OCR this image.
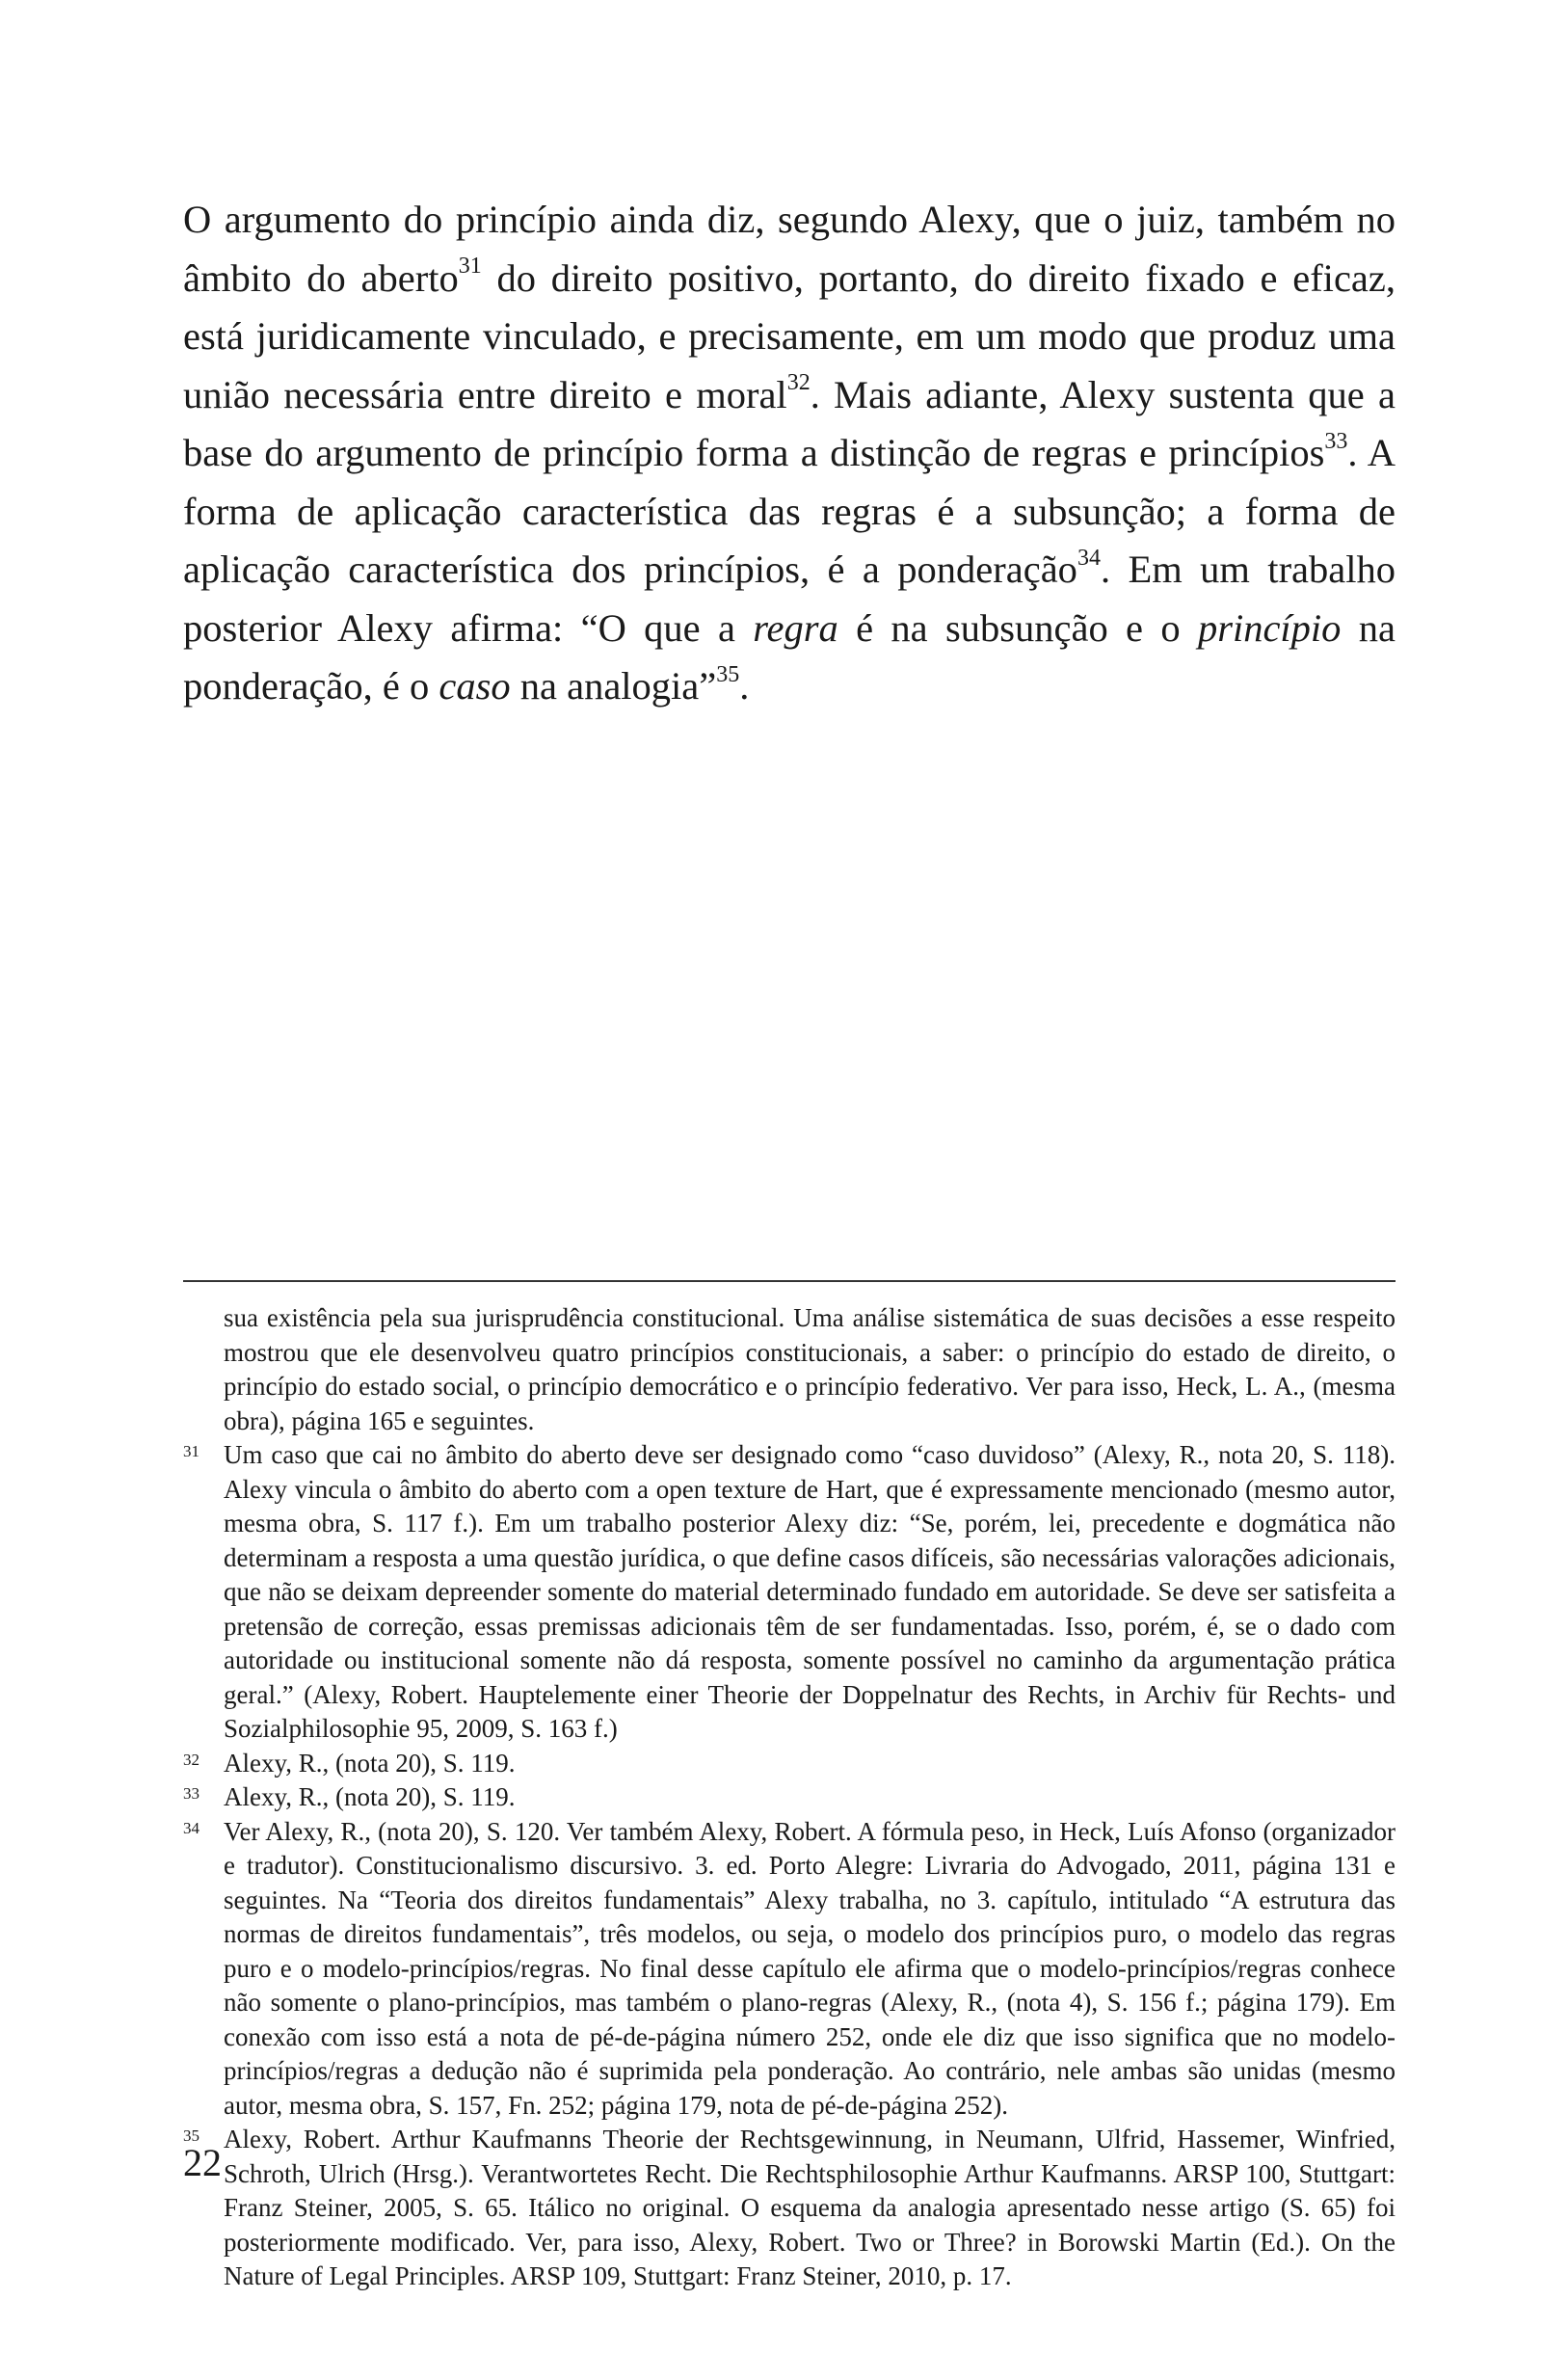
O argumento do princípio ainda diz, segundo Alexy, que o juiz, também no âmbito do aberto$^{31}$ do direito positivo, portanto, do direito fixado e eficaz, está juridicamente vinculado, e precisamente, em um modo que produz uma união necessária entre direito e moral$^{32}$. Mais adiante, Alexy sustenta que a base do argumento de princípio forma a distinção de regras e princípios$^{33}$. A forma de aplicação característica das regras é a subsunção; a forma de aplicação característica dos princípios, é a ponderação$^{34}$. Em um trabalho posterior Alexy afirma: “O que a regra é na subsunção e o princípio na ponderação, é o caso na analogia”$^{35}$.

sua existência pela sua jurisprudência constitucional. Uma análise sistemática de suas decisões a esse respeito mostrou que ele desenvolveu quatro princípios constitucionais, a saber: o princípio do estado de direito, o princípio do estado social, o princípio democrático e o princípio federativo. Ver para isso, Heck, L. A., (mesma obra), página 165 e seguintes.

31 Um caso que cai no âmbito do aberto deve ser designado como “caso duvidoso” (Alexy, R., nota 20, S. 118). Alexy vincula o âmbito do aberto com a open texture de Hart, que é expressamente mencionado (mesmo autor, mesma obra, S. 117 f.). Em um trabalho posterior Alexy diz: “Se, porém, lei, precedente e dogmática não determinam a resposta a uma questão jurídica, o que define casos difíceis, são necessárias valorações adicionais, que não se deixam depreender somente do material determinado fundado em autoridade. Se deve ser satisfeita a pretensão de correção, essas premissas adicionais têm de ser fundamentadas. Isso, porém, é, se o dado com autoridade ou institucional somente não dá resposta, somente possível no caminho da argumentação prática geral.” (Alexy, Robert. Hauptelemente einer Theorie der Doppelnatur des Rechts, in Archiv für Rechts- und Sozialphilosophie 95, 2009, S. 163 f.)

32 Alexy, R., (nota 20), S. 119.

33 Alexy, R., (nota 20), S. 119.

34 Ver Alexy, R., (nota 20), S. 120. Ver também Alexy, Robert. A fórmula peso, in Heck, Luís Afonso (organizador e tradutor). Constitucionalismo discursivo. 3. ed. Porto Alegre: Livraria do Advogado, 2011, página 131 e seguintes. Na “Teoria dos direitos fundamentais” Alexy trabalha, no 3. capítulo, intitulado “A estrutura das normas de direitos fundamentais”, três modelos, ou seja, o modelo dos princípios puro, o modelo das regras puro e o modelo-princípios/regras. No final desse capítulo ele afirma que o modelo-princípios/regras conhece não somente o plano-princípios, mas também o plano-regras (Alexy, R., (nota 4), S. 156 f.; página 179). Em conexão com isso está a nota de pé-de-página número 252, onde ele diz que isso significa que no modelo-princípios/regras a dedução não é suprimida pela ponderação. Ao contrário, nele ambas são unidas (mesmo autor, mesma obra, S. 157, Fn. 252; página 179, nota de pé-de-página 252).

35 Alexy, Robert. Arthur Kaufmanns Theorie der Rechtsgewinnung, in Neumann, Ulfrid, Hassemer, Winfried, Schroth, Ulrich (Hrsg.). Verantwortetes Recht. Die Rechtsphilosophie Arthur Kaufmanns. ARSP 100, Stuttgart: Franz Steiner, 2005, S. 65. Itálico no original. O esquema da analogia apresentado nesse artigo (S. 65) foi posteriormente modificado. Ver, para isso, Alexy, Robert. Two or Three? in Borowski Martin (Ed.). On the Nature of Legal Principles. ARSP 109, Stuttgart: Franz Steiner, 2010, p. 17.

22
